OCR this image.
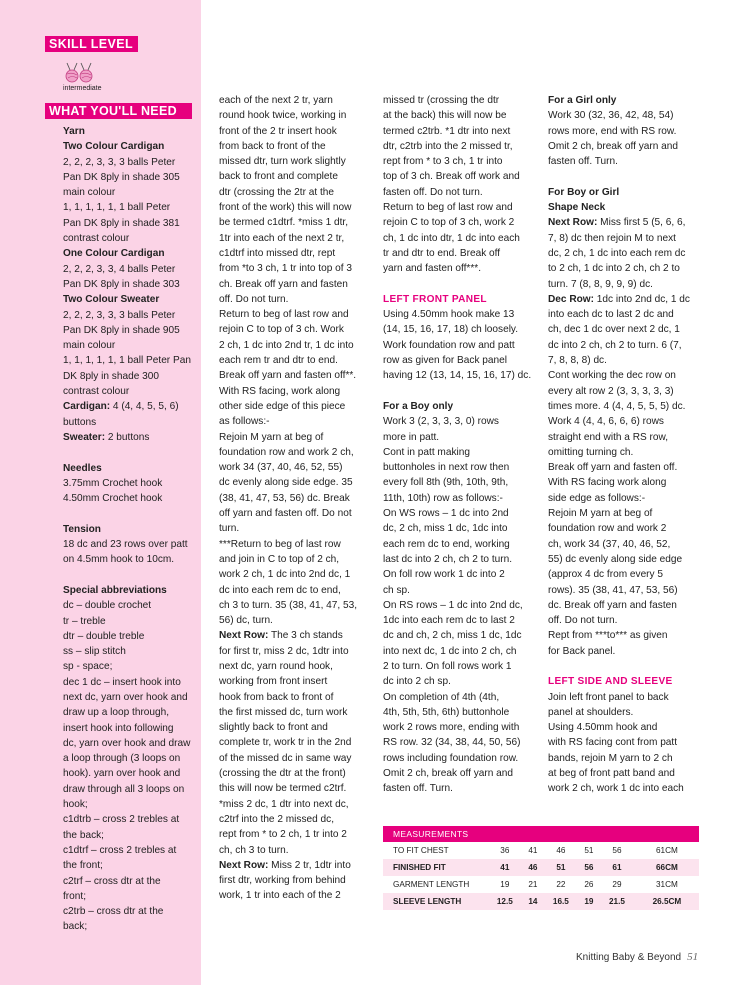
SKILL LEVEL
intermediate
WHAT YOU'LL NEED

Yarn

Two Colour Cardigan

2, 2, 2, 3, 3, 3 balls Peter

Pan DK 8ply in shade 305

main colour

1, 1, 1, 1, 1, 1 ball Peter

Pan DK 8ply in shade 381

contrast colour

One Colour Cardigan

2, 2, 2, 3, 3, 4 balls Peter

Pan DK 8ply in shade 303

Two Colour Sweater

2, 2, 2, 3, 3, 3 balls Peter

Pan DK 8ply in shade 905

main colour

1, 1, 1, 1, 1, 1 ball Peter Pan

DK 8ply in shade 300

contrast colour

Cardigan: 4 (4, 4, 5, 5, 6)

buttons

Sweater: 2 buttons

Needles

3.75mm Crochet hook

4.50mm Crochet hook

Tension

18 dc and 23 rows over patt

on 4.5mm hook to 10cm.

Special abbreviations

dc – double crochet

tr – treble

dtr – double treble

ss – slip stitch

sp - space;

dec 1 dc – insert hook into

next dc, yarn over hook and

draw up a loop through,

insert hook into following

dc, yarn over hook and draw

a loop through (3 loops on

hook). yarn over hook and

draw through all 3 loops on

hook;

c1dtrb – cross 2 trebles at

the back;

c1dtrf – cross 2 trebles at

the front;

c2trf – cross dtr at the

front;

c2trb – cross dtr at the

back;

each of the next 2 tr, yarn

round hook twice, working in

front of the 2 tr insert hook

from back to front of the

missed dtr, turn work slightly

back to front and complete

dtr (crossing the 2tr at the

front of the work) this will now

be termed c1dtrf. *miss 1 dtr,

1tr into each of the next 2 tr,

c1dtrf into missed dtr, rept

from *to 3 ch, 1 tr into top of 3

ch. Break off yarn and fasten

off. Do not turn.

Return to beg of last row and

rejoin C to top of 3 ch. Work

2 ch, 1 dc into 2nd tr, 1 dc into

each rem tr and dtr to end.

Break off yarn and fasten off**.

With RS facing, work along

other side edge of this piece

as follows:-

Rejoin M yarn at beg of

foundation row and work 2 ch,

work 34 (37, 40, 46, 52, 55)

dc evenly along side edge. 35

(38, 41, 47, 53, 56) dc. Break

off yarn and fasten off. Do not

turn.

***Return to beg of last row

and join in C to top of 2 ch,

work 2 ch, 1 dc into 2nd dc, 1

dc into each rem dc to end,

ch 3 to turn. 35 (38, 41, 47, 53,

56) dc, turn.

Next Row: The 3 ch stands

for first tr, miss 2 dc, 1dtr into

next dc, yarn round hook,

working from front insert

hook from back to front of

the first missed dc, turn work

slightly back to front and

complete tr, work tr in the 2nd

of the missed dc in same way

(crossing the dtr at the front)

this will now be termed c2trf.

*miss 2 dc, 1 dtr into next dc,

c2trf into the 2 missed dc,

rept from * to 2 ch, 1 tr into 2

ch, ch 3 to turn.

Next Row: Miss 2 tr, 1dtr into

first dtr, working from behind

work, 1 tr into each of the 2

missed tr (crossing the dtr

at the back) this will now be

termed c2trb. *1 dtr into next

dtr, c2trb into the 2 missed tr,

rept from * to 3 ch, 1 tr into

top of 3 ch. Break off work and

fasten off. Do not turn.

Return to beg of last row and

rejoin C to top of 3 ch, work 2

ch, 1 dc into dtr, 1 dc into each

tr and dtr to end. Break off

yarn and fasten off***.

LEFT FRONT PANEL

Using 4.50mm hook make 13

(14, 15, 16, 17, 18) ch loosely.

Work foundation row and patt

row as given for Back panel

having 12 (13, 14, 15, 16, 17) dc.

For a Boy only

Work 3 (2, 3, 3, 3, 0) rows

more in patt.

Cont in patt making

buttonholes in next row then

every foll 8th (9th, 10th, 9th,

11th, 10th) row as follows:-

On WS rows – 1 dc into 2nd

dc, 2 ch, miss 1 dc, 1dc into

each rem dc to end, working

last dc into 2 ch, ch 2 to turn.

On foll row work 1 dc into 2

ch sp.

On RS rows – 1 dc into 2nd dc,

1dc into each rem dc to last 2

dc and ch, 2 ch, miss 1 dc, 1dc

into next dc, 1 dc into 2 ch, ch

2 to turn. On foll rows work 1

dc into 2 ch sp.

On completion of 4th (4th,

4th, 5th, 5th, 6th) buttonhole

work 2 rows more, ending with

RS row. 32 (34, 38, 44, 50, 56)

rows including foundation row.

Omit 2 ch, break off yarn and

fasten off. Turn.

For a Girl only

Work 30 (32, 36, 42, 48, 54)

rows more, end with RS row.

Omit 2 ch, break off yarn and

fasten off. Turn.

For Boy or Girl

Shape Neck

Next Row: Miss first 5 (5, 6, 6,

7, 8) dc then rejoin M to next

dc, 2 ch, 1 dc into each rem dc

to 2 ch, 1 dc into 2 ch, ch 2 to

turn. 7 (8, 8, 9, 9, 9) dc.

Dec Row: 1dc into 2nd dc, 1 dc

into each dc to last 2 dc and

ch, dec 1 dc over next 2 dc, 1

dc into 2 ch, ch 2 to turn. 6 (7,

7, 8, 8, 8) dc.

Cont working the dec row on

every alt row 2 (3, 3, 3, 3, 3)

times more. 4 (4, 4, 5, 5, 5) dc.

Work 4 (4, 4, 6, 6, 6) rows

straight end with a RS row,

omitting turning ch.

Break off yarn and fasten off.

With RS facing work along

side edge as follows:-

Rejoin M yarn at beg of

foundation row and work 2

ch, work 34 (37, 40, 46, 52,

55) dc evenly along side edge

(approx 4 dc from every 5

rows). 35 (38, 41, 47, 53, 56)

dc. Break off yarn and fasten

off. Do not turn.

Rept from ***to*** as given

for Back panel.

LEFT SIDE AND SLEEVE

Join left front panel to back

panel at shoulders.

Using 4.50mm hook and

with RS facing cont from patt

bands, rejoin M yarn to 2 ch

at beg of front patt band and

work 2 ch, work 1 dc into each

MEASUREMENTS						
TO FIT CHEST	36	41	46	51	56	61CM
FINISHED FIT	41	46	51	56	61	66CM
GARMENT LENGTH	19	21	22	26	29	31CM
SLEEVE LENGTH	12.5	14	16.5	19	21.5	26.5CM
Knitting Baby & Beyond 51
